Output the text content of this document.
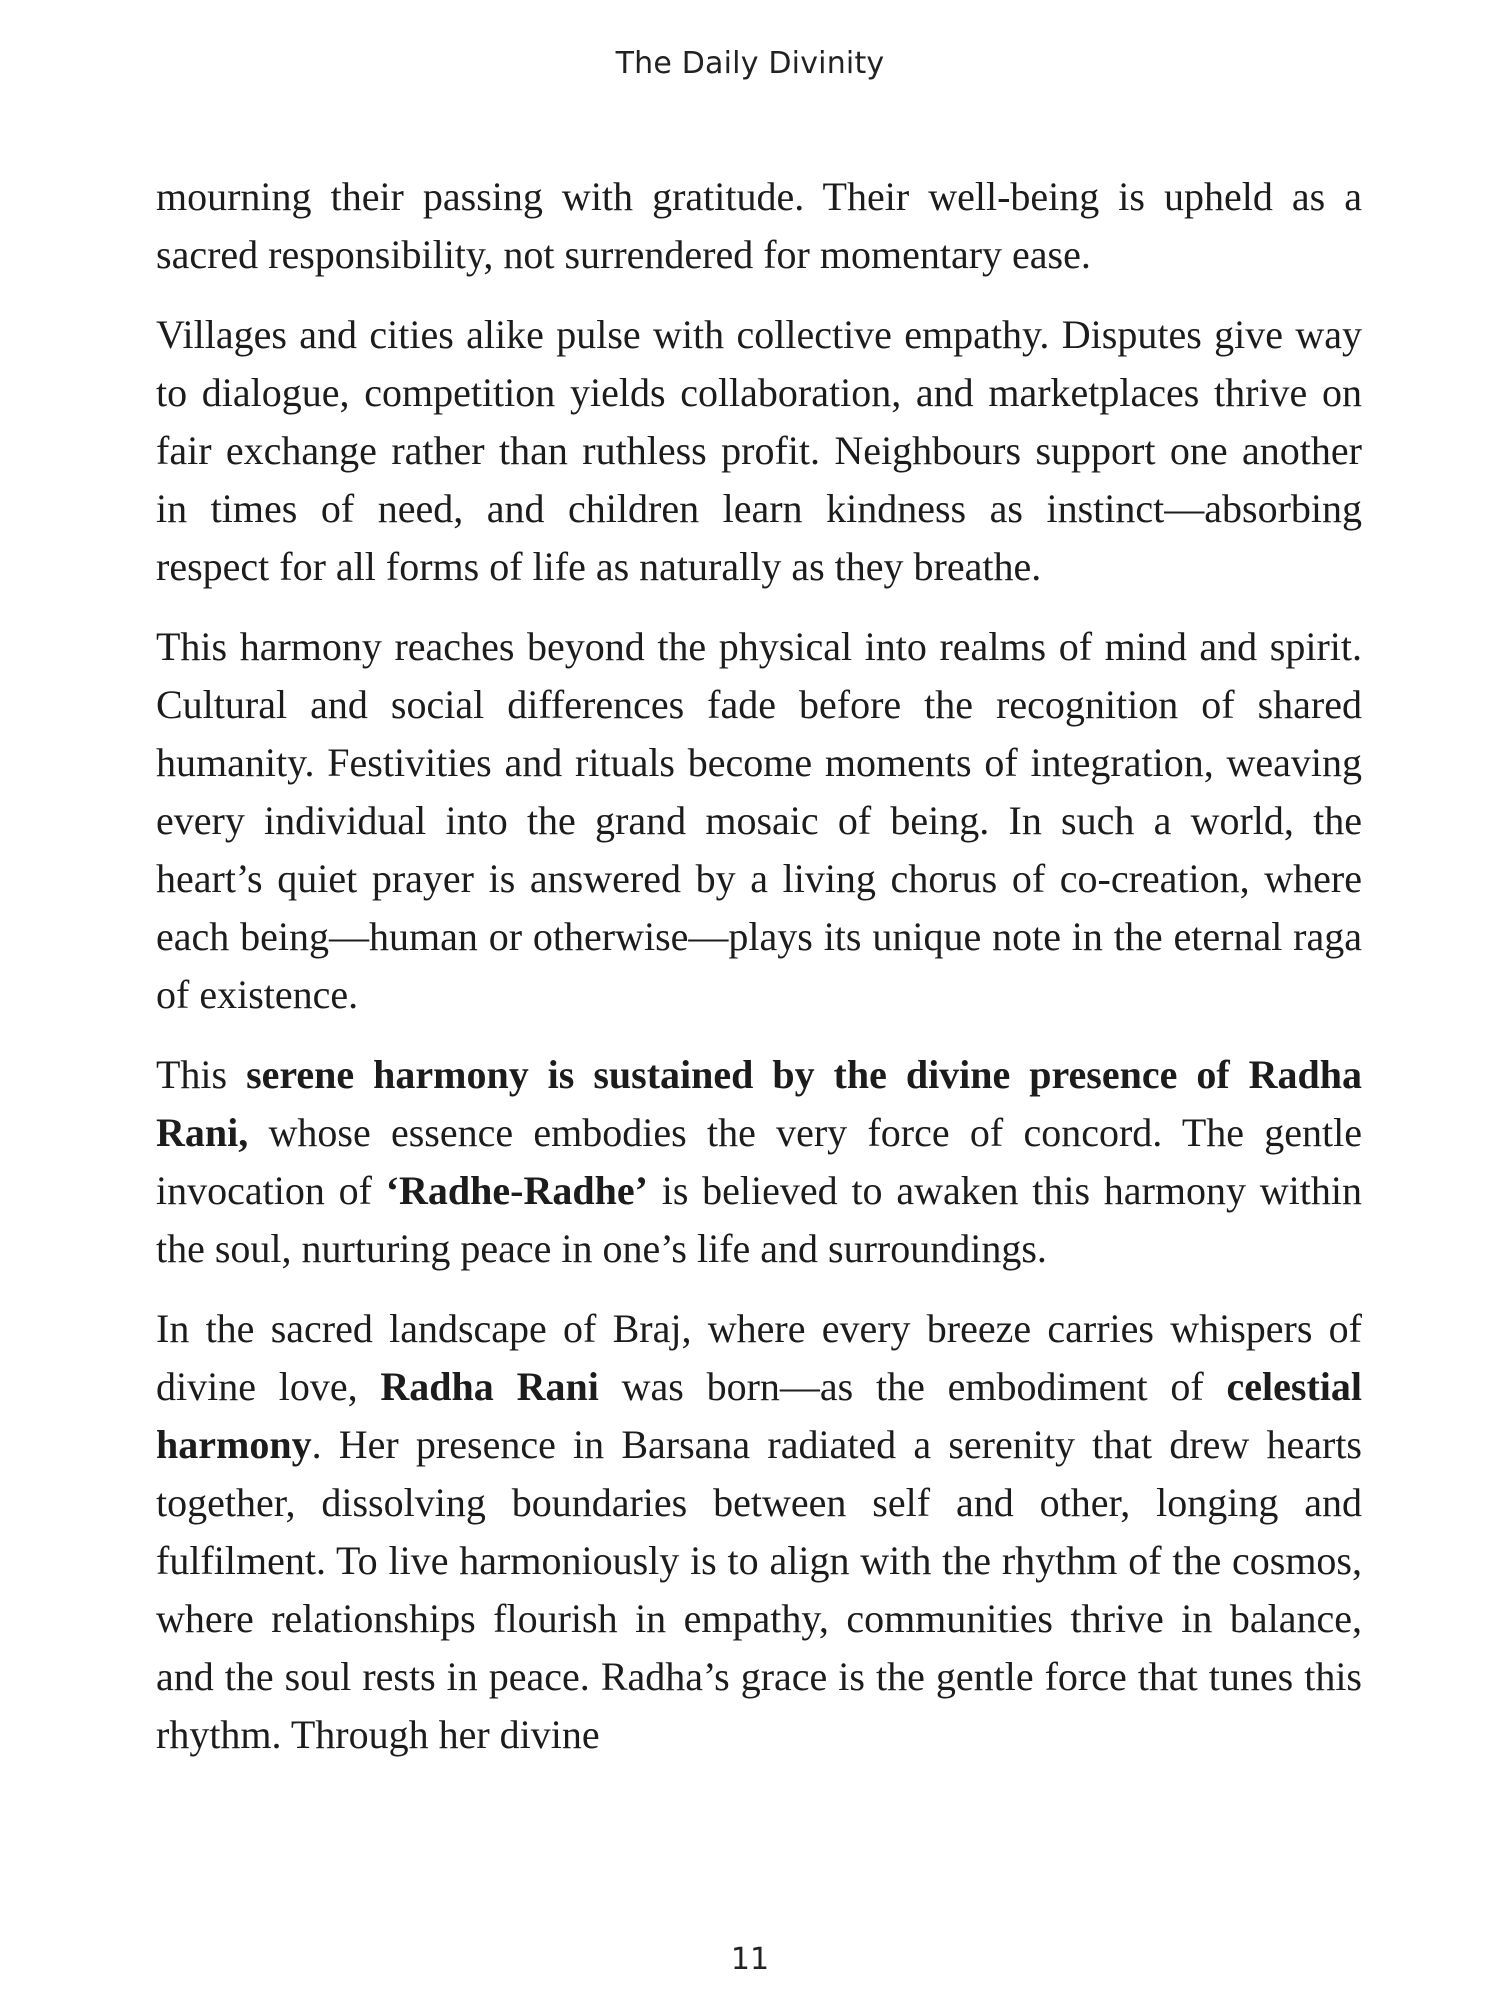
The Daily Divinity

mourning their passing with gratitude. Their well-being is upheld as a sacred responsibility, not surrendered for momentary ease.

Villages and cities alike pulse with collective empathy. Disputes give way to dialogue, competition yields collaboration, and marketplaces thrive on fair exchange rather than ruthless profit. Neighbours support one another in times of need, and children learn kindness as instinct—absorbing respect for all forms of life as naturally as they breathe.

This harmony reaches beyond the physical into realms of mind and spirit. Cultural and social differences fade before the recognition of shared humanity. Festivities and rituals become moments of integration, weaving every individual into the grand mosaic of being. In such a world, the heart’s quiet prayer is answered by a living chorus of co-creation, where each being—human or otherwise—plays its unique note in the eternal raga of existence.

This serene harmony is sustained by the divine presence of Radha Rani, whose essence embodies the very force of concord. The gentle invocation of ‘Radhe-Radhe’ is believed to awaken this harmony within the soul, nurturing peace in one’s life and surroundings.

In the sacred landscape of Braj, where every breeze carries whispers of divine love, Radha Rani was born—as the embodiment of celestial harmony. Her presence in Barsana radiated a serenity that drew hearts together, dissolving boundaries between self and other, longing and fulfilment. To live harmoniously is to align with the rhythm of the cosmos, where relationships flourish in empathy, communities thrive in balance, and the soul rests in peace. Radha’s grace is the gentle force that tunes this rhythm. Through her divine

11
